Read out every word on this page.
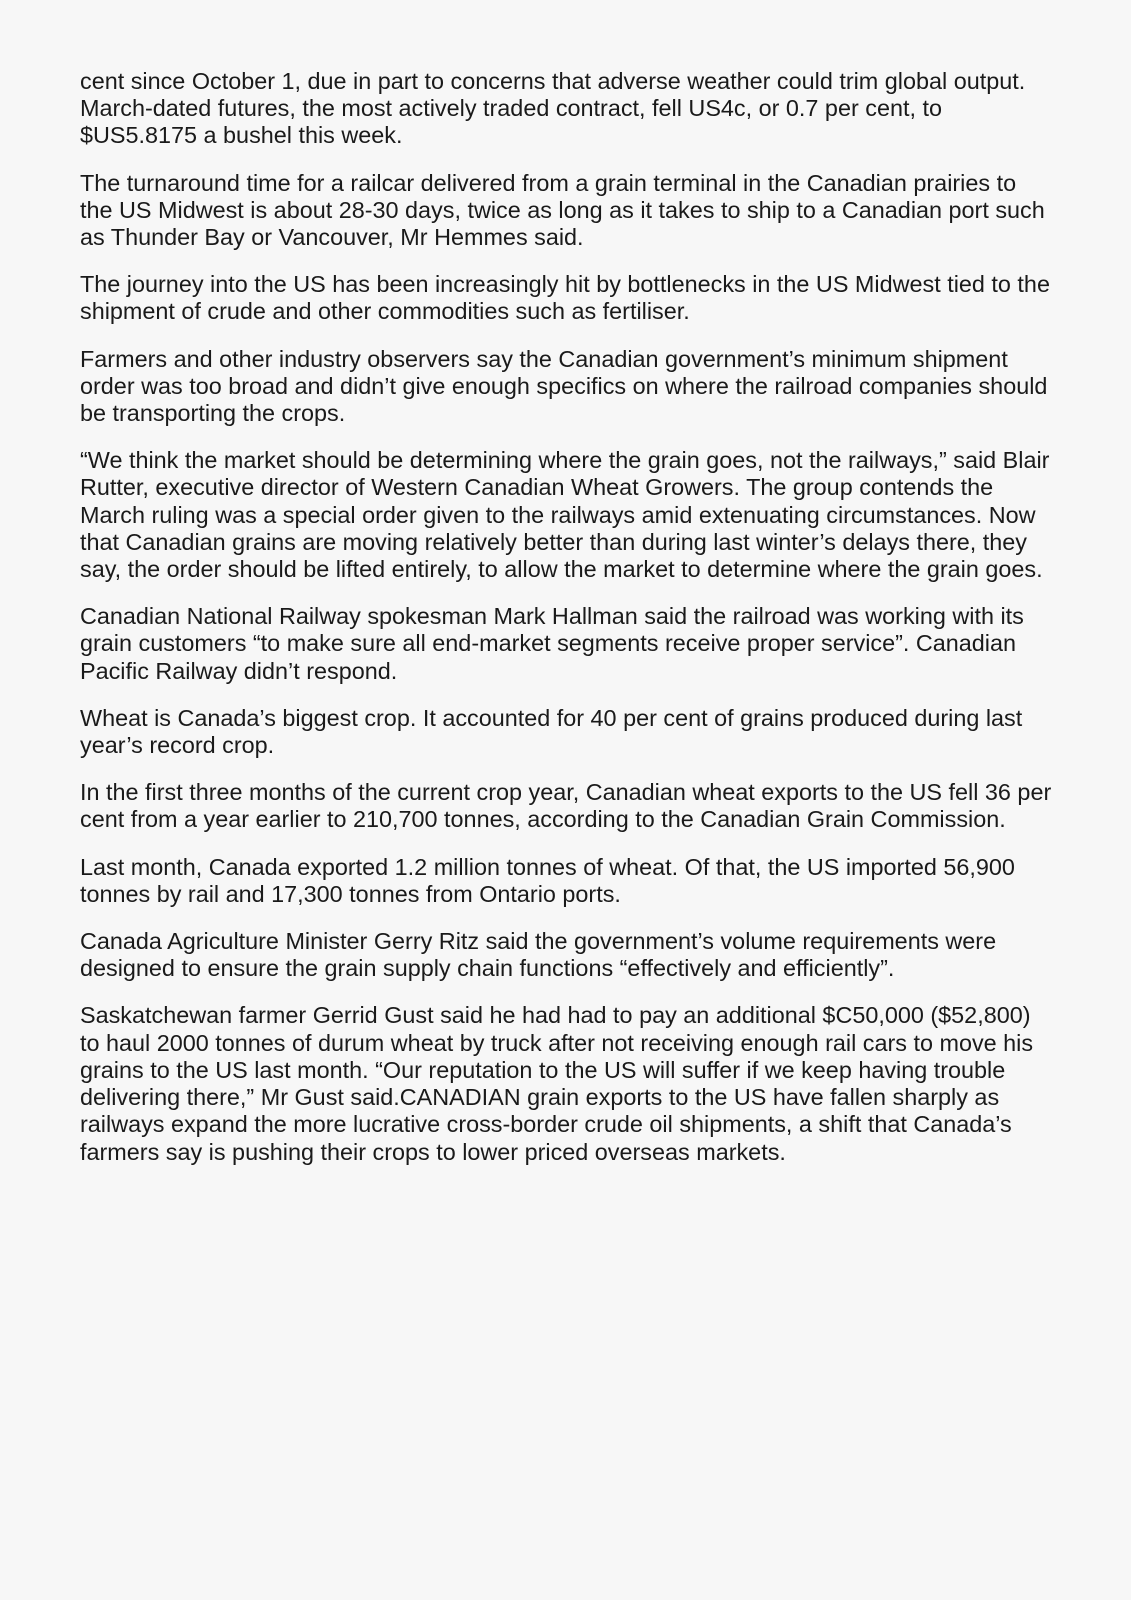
cent since October 1, due in part to concerns that adverse weather could trim global output. March-dated futures, the most actively traded contract, fell US4c, or 0.7 per cent, to $US5.8175 a bushel this week.

The turnaround time for a railcar delivered from a grain terminal in the Canadian prairies to the US Midwest is about 28-30 days, twice as long as it takes to ship to a Canadian port such as Thunder Bay or Vancouver, Mr Hemmes said.

The journey into the US has been increasingly hit by bottlenecks in the US Midwest tied to the shipment of crude and other commodities such as fertiliser.

Farmers and other industry observers say the Canadian government’s minimum shipment order was too broad and didn’t give enough specifics on where the railroad companies should be transporting the crops.

“We think the market should be determining where the grain goes, not the railways,” said Blair Rutter, executive director of Western Canadian Wheat Growers. The group contends the March ruling was a special order given to the railways amid extenuating circumstances. Now that Canadian grains are moving relatively better than during last winter’s delays there, they say, the order should be lifted entirely, to allow the market to determine where the grain goes.

Canadian National Railway spokesman Mark Hallman said the railroad was working with its grain customers “to make sure all end-market segments receive proper service”. Canadian Pacific Railway didn’t respond.

Wheat is Canada’s biggest crop. It accounted for 40 per cent of grains produced during last year’s record crop.

In the first three months of the current crop year, Canadian wheat exports to the US fell 36 per cent from a year earlier to 210,700 tonnes, according to the Canadian Grain Commission.

Last month, Canada exported 1.2 million tonnes of wheat. Of that, the US imported 56,900 tonnes by rail and 17,300 tonnes from Ontario ports.

Canada Agriculture Minister Gerry Ritz said the government’s volume requirements were designed to ensure the grain supply chain functions “effectively and efficiently”.

Saskatchewan farmer Gerrid Gust said he had had to pay an additional $C50,000 ($52,800) to haul 2000 tonnes of durum wheat by truck after not receiving enough rail cars to move his grains to the US last month. “Our reputation to the US will suffer if we keep having trouble delivering there,” Mr Gust said.CANADIAN grain exports to the US have fallen sharply as railways expand the more lucrative cross-border crude oil shipments, a shift that Canada’s farmers say is pushing their crops to lower priced overseas markets.
